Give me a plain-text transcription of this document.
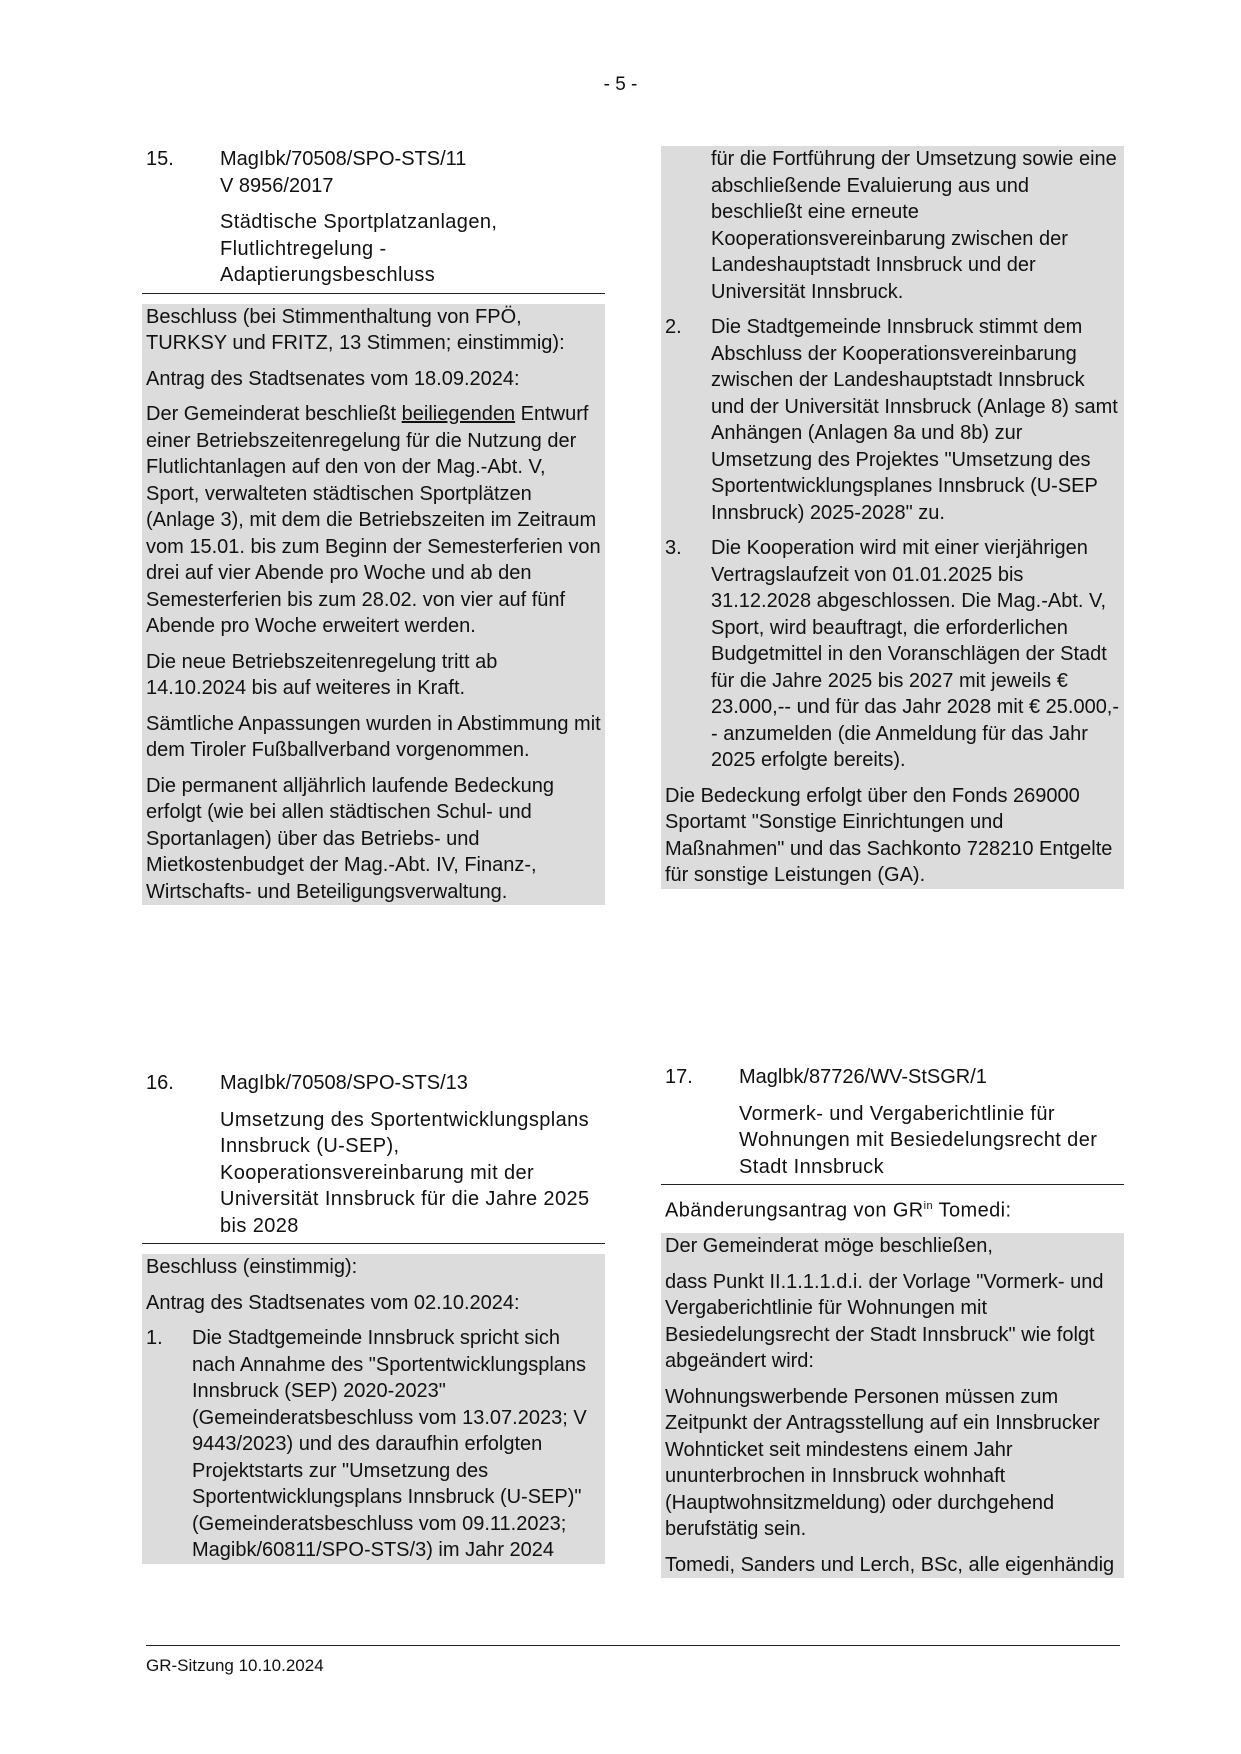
- 5 -
15.	MagIbk/70508/SPO-STS/11
V 8956/2017
Städtische Sportplatzanlagen, Flutlichtregelung - Adaptierungsbeschluss

Beschluss (bei Stimmenthaltung von FPÖ, TURKSY und FRITZ, 13 Stimmen; einstimmig):

Antrag des Stadtsenates vom 18.09.2024:

Der Gemeinderat beschließt beiliegenden Entwurf einer Betriebszeitenregelung für die Nutzung der Flutlichtanlagen auf den von der Mag.-Abt. V, Sport, verwalteten städtischen Sportplätzen (Anlage 3), mit dem die Betriebszeiten im Zeitraum vom 15.01. bis zum Beginn der Semesterferien von drei auf vier Abende pro Woche und ab den Semesterferien bis zum 28.02. von vier auf fünf Abende pro Woche erweitert werden.

Die neue Betriebszeitenregelung tritt ab 14.10.2024 bis auf weiteres in Kraft.

Sämtliche Anpassungen wurden in Abstimmung mit dem Tiroler Fußballverband vorgenommen.

Die permanent alljährlich laufende Bedeckung erfolgt (wie bei allen städtischen Schul- und Sportanlagen) über das Betriebs- und Mietkostenbudget der Mag.-Abt. IV, Finanz-, Wirtschafts- und Beteiligungsverwaltung.

16.	MagIbk/70508/SPO-STS/13
Umsetzung des Sportentwicklungsplans Innsbruck (U-SEP), Kooperationsvereinbarung mit der Universität Innsbruck für die Jahre 2025 bis 2028

Beschluss (einstimmig):

Antrag des Stadtsenates vom 02.10.2024:

1.	Die Stadtgemeinde Innsbruck spricht sich nach Annahme des "Sportentwicklungsplans Innsbruck (SEP) 2020-2023" (Gemeinderatsbeschluss vom 13.07.2023; V 9443/2023) und des daraufhin erfolgten Projektstarts zur "Umsetzung des Sportentwicklungsplans Innsbruck (U-SEP)" (Gemeinderatsbeschluss vom 09.11.2023; Magibk/60811/SPO-STS/3) im Jahr 2024
für die Fortführung der Umsetzung sowie eine abschließende Evaluierung aus und beschließt eine erneute Kooperationsvereinbarung zwischen der Landeshauptstadt Innsbruck und der Universität Innsbruck.
2.	Die Stadtgemeinde Innsbruck stimmt dem Abschluss der Kooperationsvereinbarung zwischen der Landeshauptstadt Innsbruck und der Universität Innsbruck (Anlage 8) samt Anhängen (Anlagen 8a und 8b) zur Umsetzung des Projektes "Umsetzung des Sportentwicklungsplanes Innsbruck (U-SEP Innsbruck) 2025-2028" zu.
3.	Die Kooperation wird mit einer vierjährigen Vertragslaufzeit von 01.01.2025 bis 31.12.2028 abgeschlossen. Die Mag.-Abt. V, Sport, wird beauftragt, die erforderlichen Budgetmittel in den Voranschlägen der Stadt für die Jahre 2025 bis 2027 mit jeweils € 23.000,-- und für das Jahr 2028 mit € 25.000,-- anzumelden (die Anmeldung für das Jahr 2025 erfolgte bereits).

Die Bedeckung erfolgt über den Fonds 269000 Sportamt "Sonstige Einrichtungen und Maßnahmen" und das Sachkonto 728210 Entgelte für sonstige Leistungen (GA).

17.	Maglbk/87726/WV-StSGR/1
Vormerk- und Vergaberichtlinie für Wohnungen mit Besiedelungsrecht der Stadt Innsbruck

Abänderungsantrag von $GR^{in}$ Tomedi:

Der Gemeinderat möge beschließen,

dass Punkt II.1.1.1.d.i. der Vorlage "Vormerk- und Vergaberichtlinie für Wohnungen mit Besiedelungsrecht der Stadt Innsbruck" wie folgt abgeändert wird:

Wohnungswerbende Personen müssen zum Zeitpunkt der Antragsstellung auf ein Innsbrucker Wohnticket seit mindestens einem Jahr ununterbrochen in Innsbruck wohnhaft (Hauptwohnsitzmeldung) oder durchgehend berufstätig sein.

Tomedi, Sanders und Lerch, BSc, alle eigenhändig

GR-Sitzung 10.10.2024
